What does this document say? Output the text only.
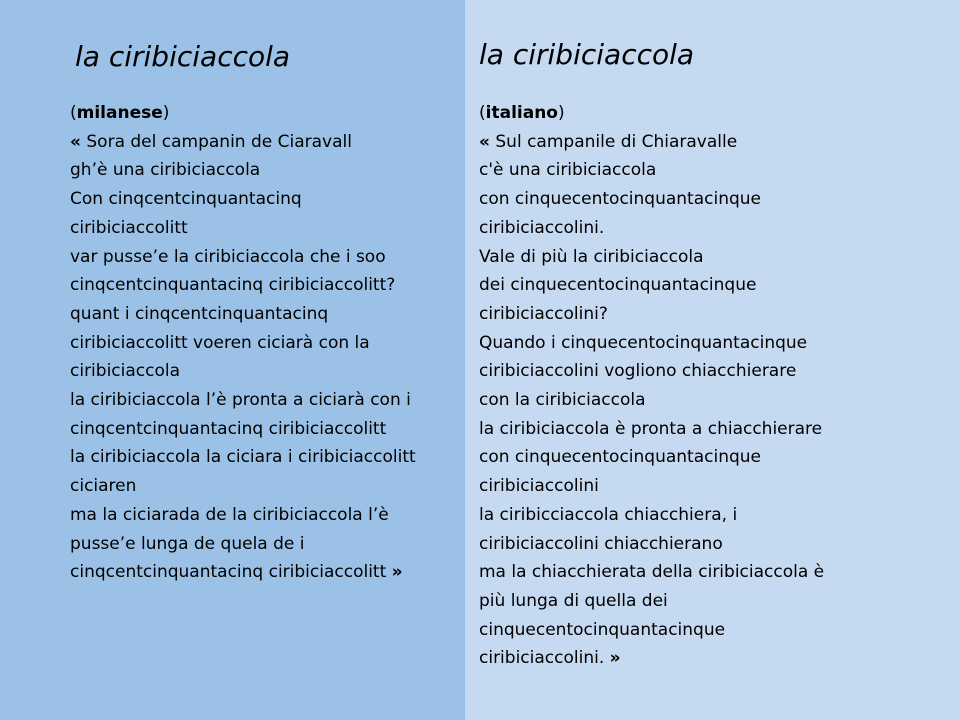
la ciribiciaccola
(milanese)
« Sora del campanin de Ciaravall
gh’è una ciribiciaccola
Con cinqcentcinquantacinq
ciribiciaccolitt
var pusse’e la ciribiciaccola che i soo
cinqcentcinquantacinq ciribiciaccolitt?
quant i cinqcentcinquantacinq
ciribiciaccolitt voeren ciciarà con la
ciribiciaccola
la ciribiciaccola l’è pronta a ciciarà con i
cinqcentcinquantacinq ciribiciaccolitt
la ciribiciaccola la ciciara i ciribiciaccolitt
ciciaren
ma la ciciarada de la ciribiciaccola l’è
pusse’e lunga de quela de i
cinqcentcinquantacinq ciribiciaccolitt »
la ciribiciaccola
(italiano)
« Sul campanile di Chiaravalle
c'è una ciribiciaccola
con cinquecentocinquantacinque
ciribiciaccolini.
Vale di più la ciribiciaccola
dei cinquecentocinquantacinque
ciribiciaccolini?
Quando i cinquecentocinquantacinque
ciribiciaccolini vogliono chiacchierare
con la ciribiciaccola
la ciribiciaccola è pronta a chiacchierare
con cinquecentocinquantacinque
ciribiciaccolini
la ciribicciaccola chiacchiera, i
ciribiciaccolini chiacchierano
ma la chiacchierata della ciribiciaccola è
più lunga di quella dei
cinquecentocinquantacinque
ciribiciaccolini. »
